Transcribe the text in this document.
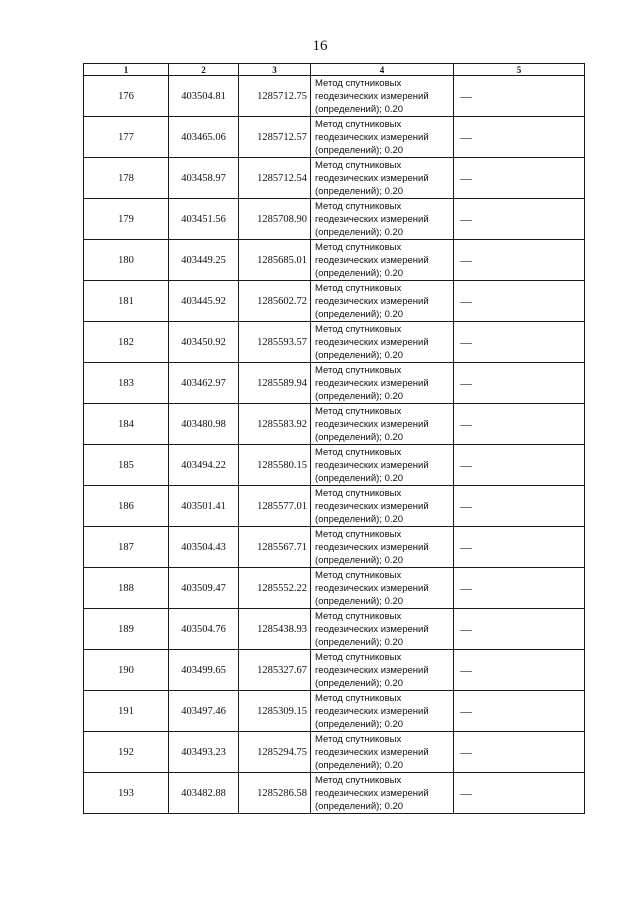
16
1	2	3	4	5
176	403504.81	1285712.75	Метод спутниковых
геодезических измерений
(определений); 0.20	—
177	403465.06	1285712.57	Метод спутниковых
геодезических измерений
(определений); 0.20	—
178	403458.97	1285712.54	Метод спутниковых
геодезических измерений
(определений); 0.20	—
179	403451.56	1285708.90	Метод спутниковых
геодезических измерений
(определений); 0.20	—
180	403449.25	1285685.01	Метод спутниковых
геодезических измерений
(определений); 0.20	—
181	403445.92	1285602.72	Метод спутниковых
геодезических измерений
(определений); 0.20	—
182	403450.92	1285593.57	Метод спутниковых
геодезических измерений
(определений); 0.20	—
183	403462.97	1285589.94	Метод спутниковых
геодезических измерений
(определений); 0.20	—
184	403480.98	1285583.92	Метод спутниковых
геодезических измерений
(определений); 0.20	—
185	403494.22	1285580.15	Метод спутниковых
геодезических измерений
(определений); 0.20	—
186	403501.41	1285577.01	Метод спутниковых
геодезических измерений
(определений); 0.20	—
187	403504.43	1285567.71	Метод спутниковых
геодезических измерений
(определений); 0.20	—
188	403509.47	1285552.22	Метод спутниковых
геодезических измерений
(определений); 0.20	—
189	403504.76	1285438.93	Метод спутниковых
геодезических измерений
(определений); 0.20	—
190	403499.65	1285327.67	Метод спутниковых
геодезических измерений
(определений); 0.20	—
191	403497.46	1285309.15	Метод спутниковых
геодезических измерений
(определений); 0.20	—
192	403493.23	1285294.75	Метод спутниковых
геодезических измерений
(определений); 0.20	—
193	403482.88	1285286.58	Метод спутниковых
геодезических измерений
(определений); 0.20	—
